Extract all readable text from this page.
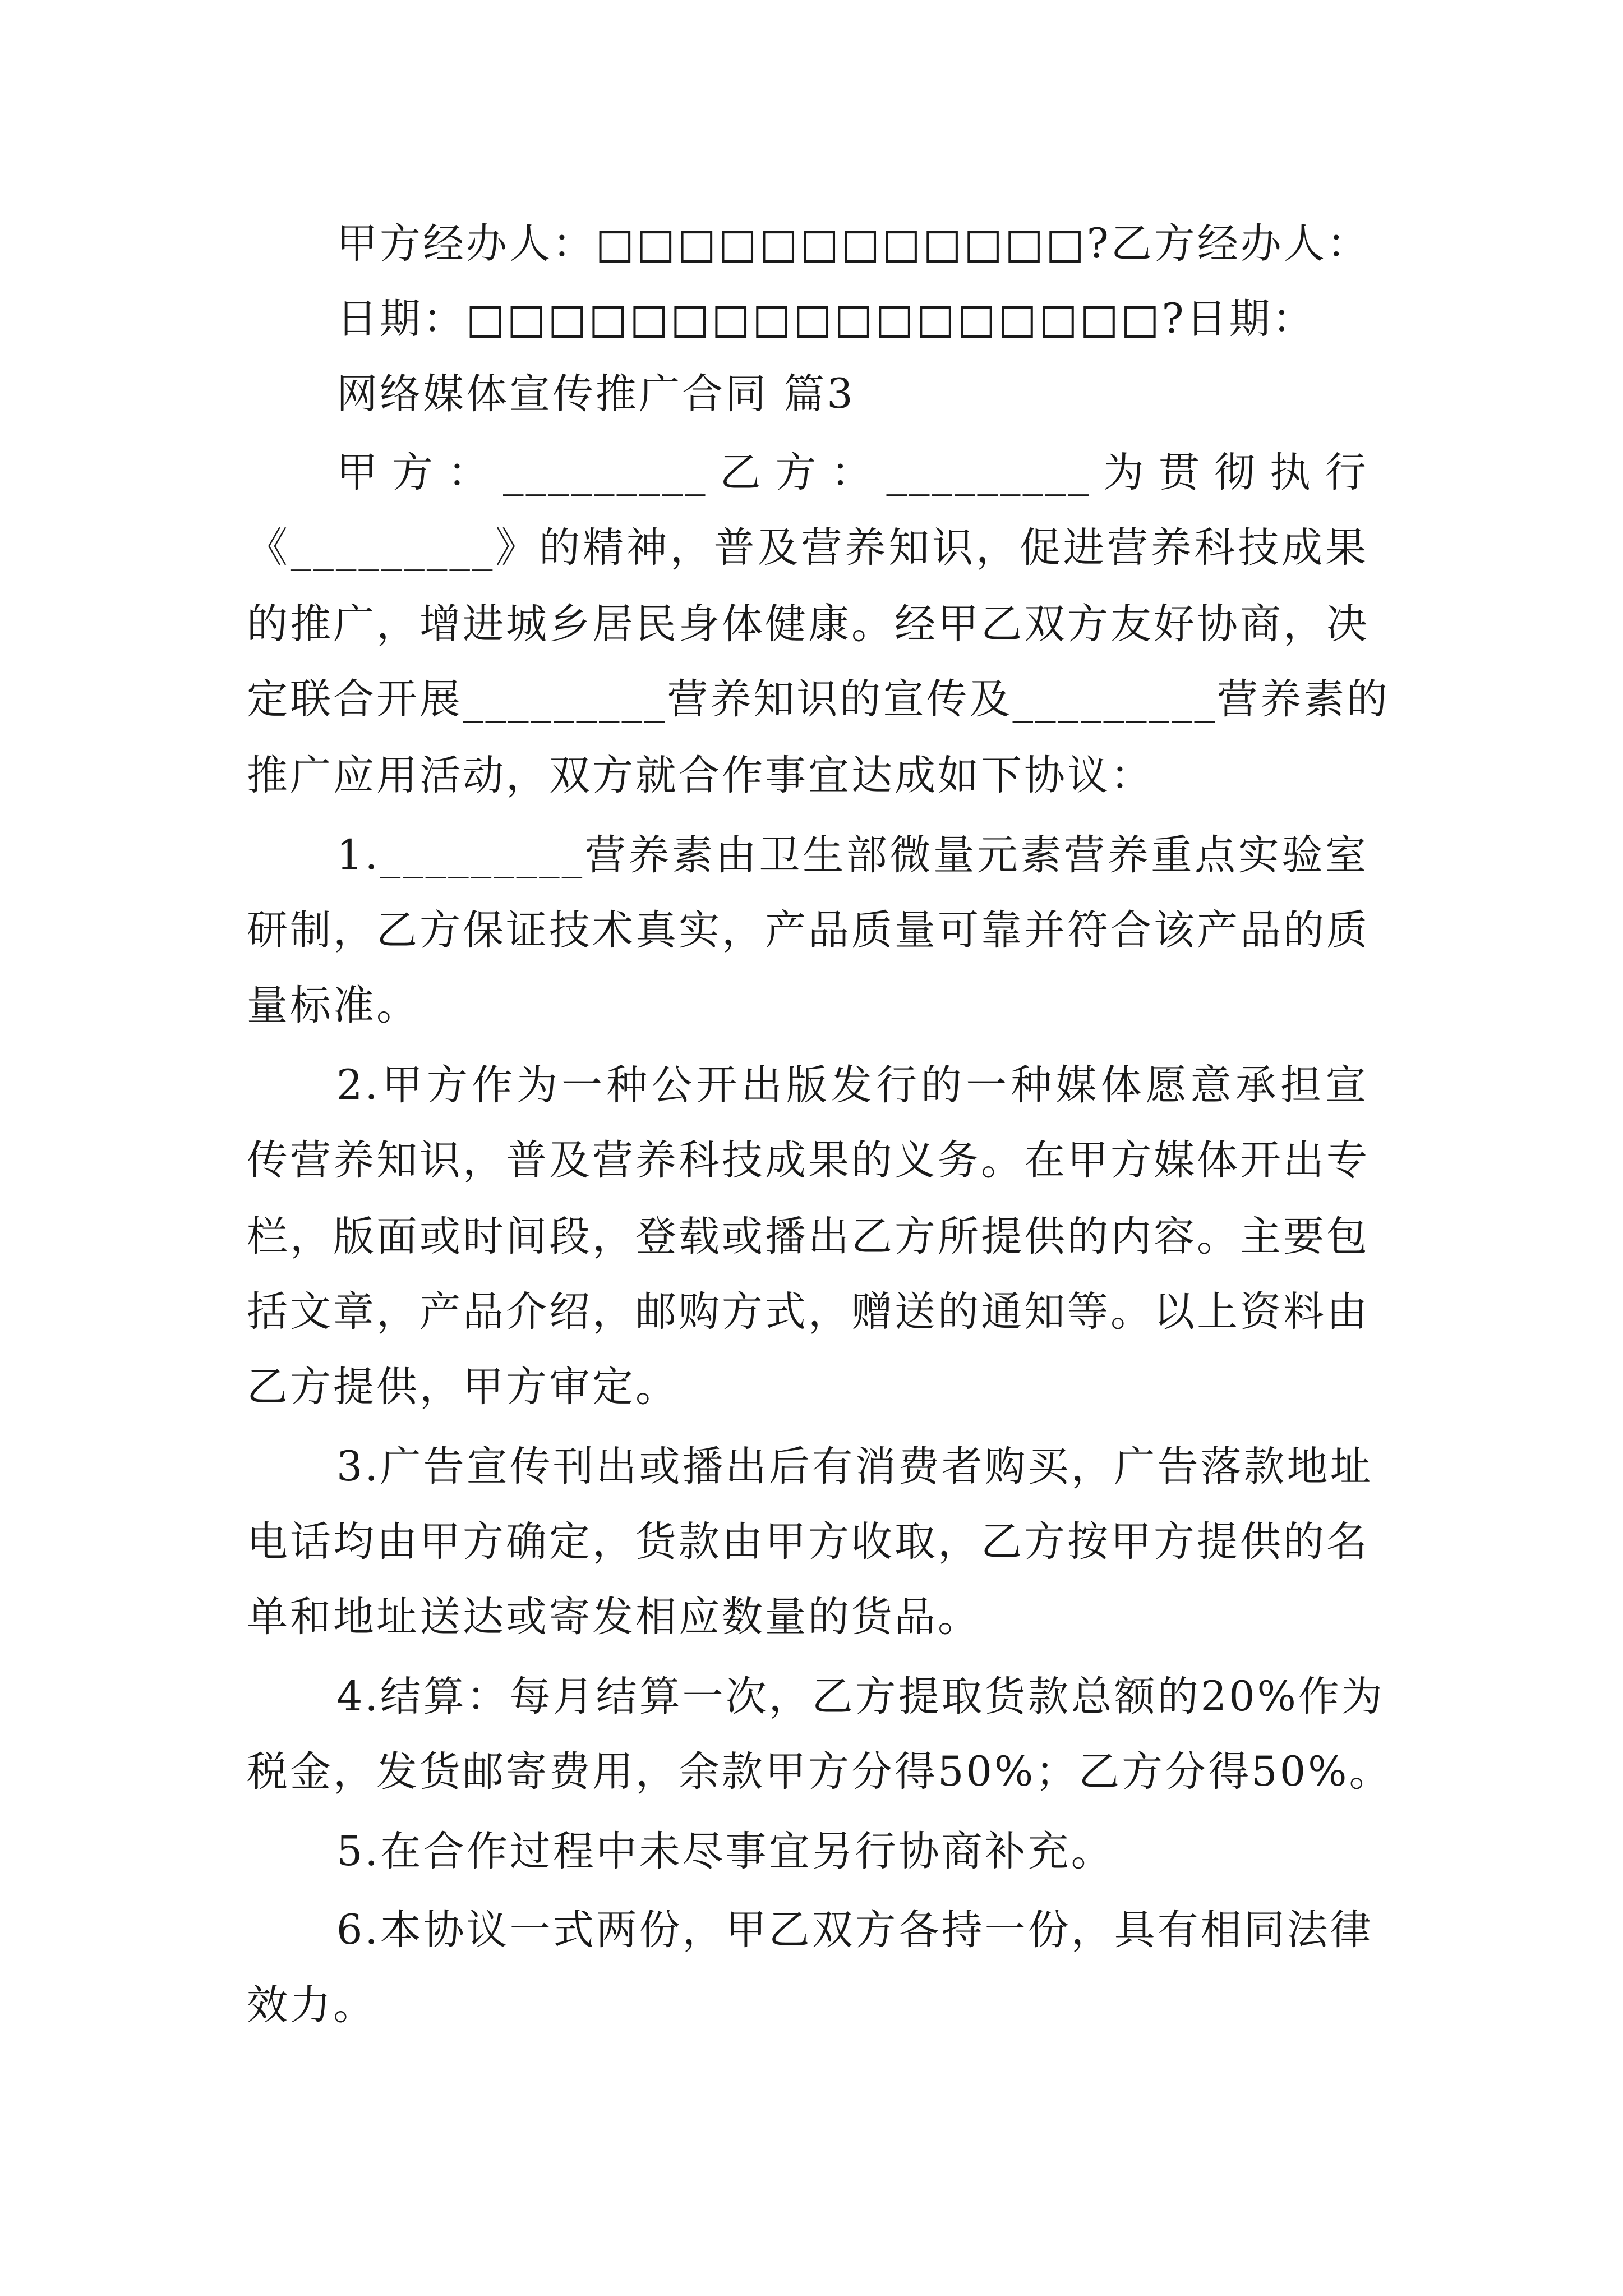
甲方经办人：□□□□□□□□□□□□?乙方经办人：
日期：□□□□□□□□□□□□□□□□□?日期：
网络媒体宣传推广合同 篇3
甲方：_________乙方：_________为贯彻执行
《_________》的精神，普及营养知识，促进营养科技成果
的推广，增进城乡居民身体健康。经甲乙双方友好协商，决
定联合开展_________营养知识的宣传及_________营养素的
推广应用活动，双方就合作事宜达成如下协议：
1._________营养素由卫生部微量元素营养重点实验室
研制，乙方保证技术真实，产品质量可靠并符合该产品的质
量标准。
2.甲方作为一种公开出版发行的一种媒体愿意承担宣
传营养知识，普及营养科技成果的义务。在甲方媒体开出专
栏，版面或时间段，登载或播出乙方所提供的内容。主要包
括文章，产品介绍，邮购方式，赠送的通知等。以上资料由
乙方提供，甲方审定。
3.广告宣传刊出或播出后有消费者购买，广告落款地址
电话均由甲方确定，货款由甲方收取，乙方按甲方提供的名
单和地址送达或寄发相应数量的货品。
4.结算：每月结算一次，乙方提取货款总额的20%作为
税金，发货邮寄费用，余款甲方分得50%；乙方分得50%。
5.在合作过程中未尽事宜另行协商补充。
6.本协议一式两份，甲乙双方各持一份，具有相同法律
效力。
